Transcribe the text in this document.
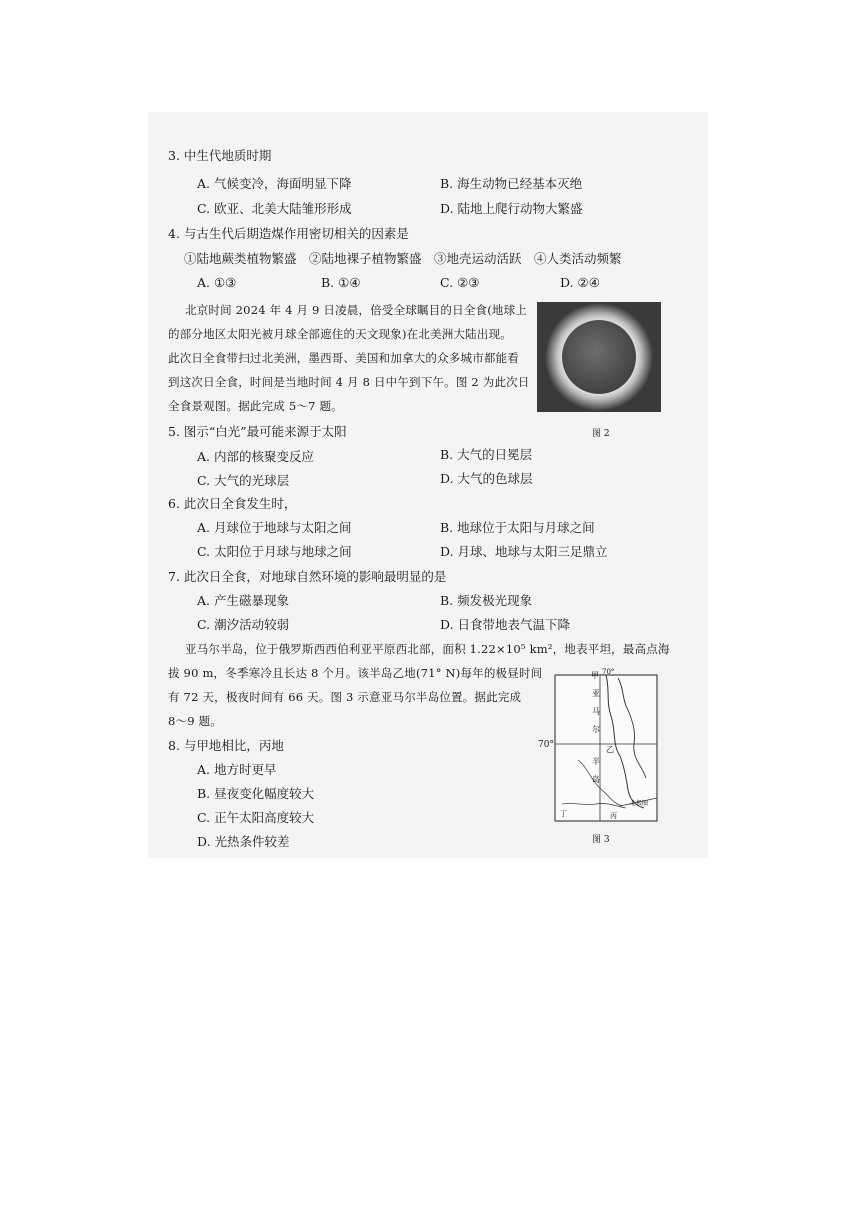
3. 中生代地质时期
A. 气候变冷，海面明显下降	B. 海生动物已经基本灭绝
C. 欧亚、北美大陆雏形形成	D. 陆地上爬行动物大繁盛
4. 与古生代后期造煤作用密切相关的因素是
①陆地蕨类植物繁盛　②陆地裸子植物繁盛　③地壳运动活跃　④人类活动频繁
A. ①③	B. ①④	C. ②③	D. ②④
北京时间 2024 年 4 月 9 日凌晨，倍受全球瞩目的日全食(地球上
的部分地区太阳光被月球全部遮住的天文现象)在北美洲大陆出现。
此次日全食带扫过北美洲，墨西哥、美国和加拿大的众多城市都能看
到这次日全食，时间是当地时间 4 月 8 日中午到下午。图 2 为此次日
全食景观图。据此完成 5～7 题。
图 2
5. 图示“白光”最可能来源于太阳
A. 内部的核聚变反应	B. 大气的日冕层
C. 大气的光球层	D. 大气的色球层
6. 此次日全食发生时，
A. 月球位于地球与太阳之间	B. 地球位于太阳与月球之间
C. 太阳位于月球与地球之间	D. 月球、地球与太阳三足鼎立
7. 此次日全食，对地球自然环境的影响最明显的是
A. 产生磁暴现象	B. 频发极光现象
C. 潮汐活动较弱	D. 日食带地表气温下降
亚马尔半岛，位于俄罗斯西西伯利亚平原西北部，面积 1.22×10⁵ km²，地表平坦，最高点海
拔 90 m，冬季寒冷且长达 8 个月。该半岛乙地(71° N)每年的极昼时间
有 72 天，极夜时间有 66 天。图 3 示意亚马尔半岛位置。据此完成
8～9 题。
70°
甲
亚
马
尔
乙
半
岛
丁	丙
北极圈
70°
图 3
8. 与甲地相比，丙地
A. 地方时更早
B. 昼夜变化幅度较大
C. 正午太阳高度较大
D. 光热条件较差
